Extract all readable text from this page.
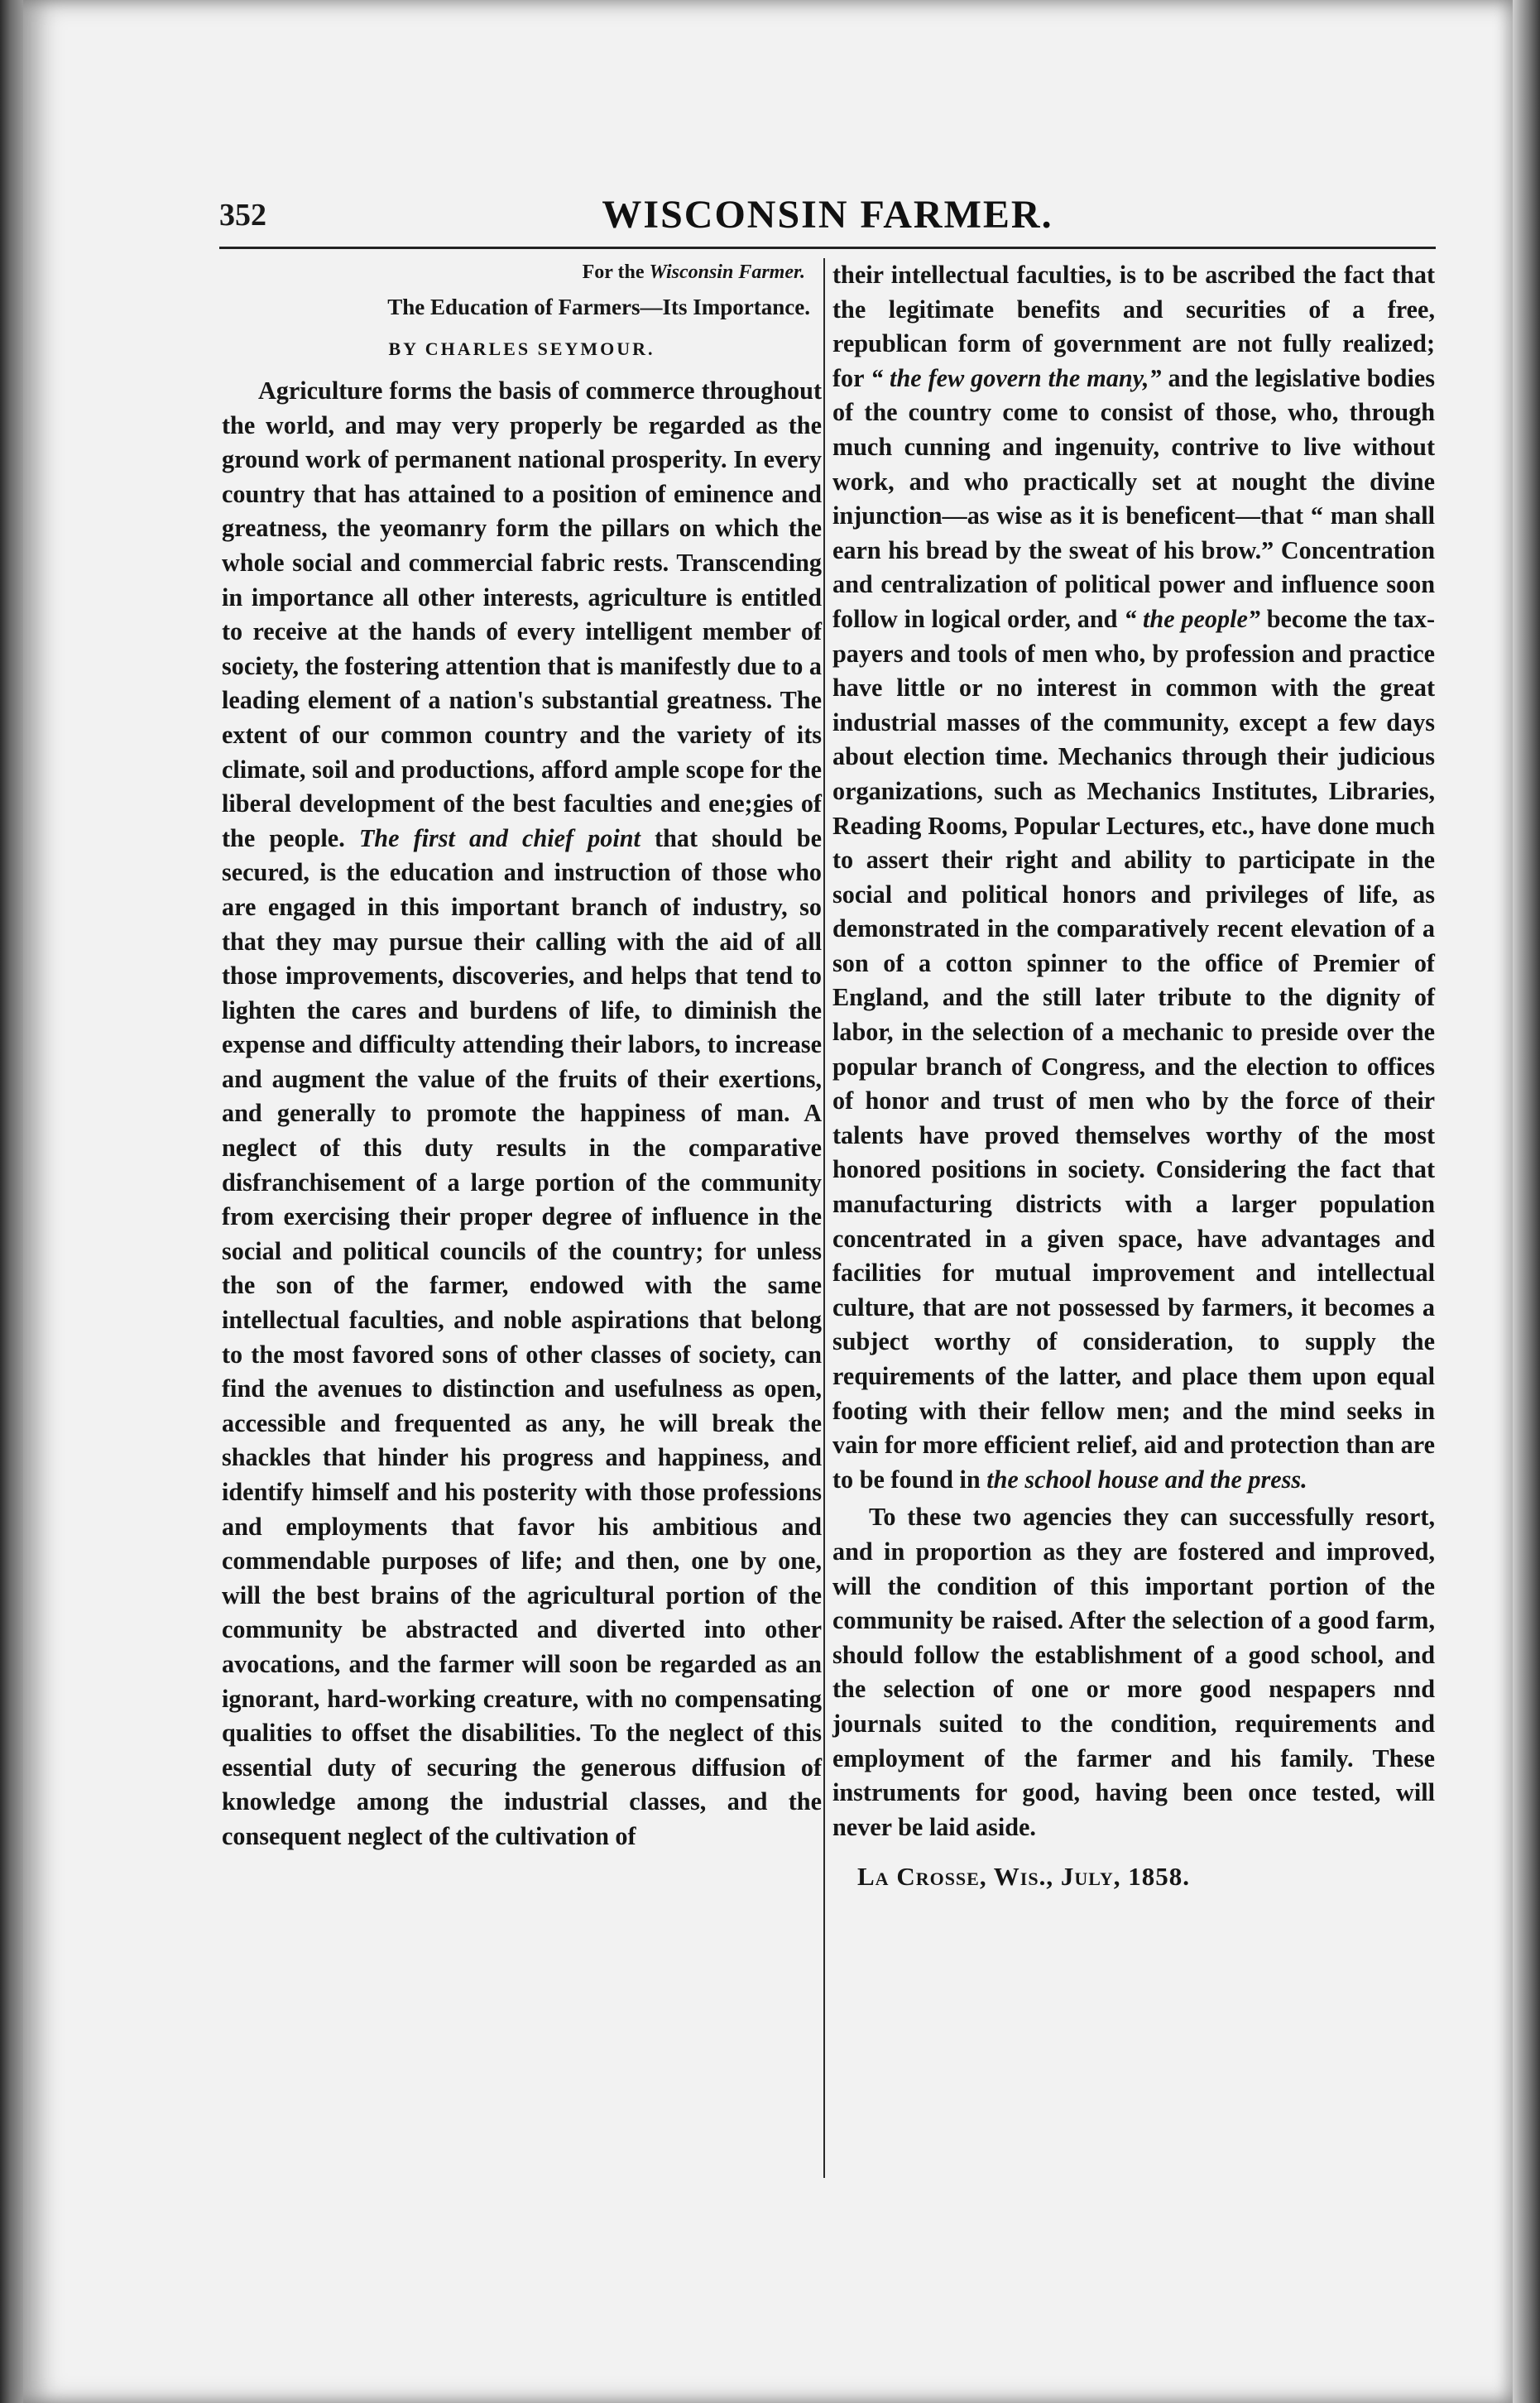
352	WISCONSIN FARMER.
For the Wisconsin Farmer.
The Education of Farmers—Its Importance.
BY CHARLES SEYMOUR.

Agriculture forms the basis of commerce throughout the world, and may very properly be regarded as the ground work of permanent national prosperity. In every country that has attained to a position of eminence and greatness, the yeomanry form the pillars on which the whole social and commercial fabric rests. Transcending in importance all other interests, agriculture is entitled to receive at the hands of every intelligent member of society, the fostering attention that is manifestly due to a leading element of a nation's substantial greatness. The extent of our common country and the variety of its climate, soil and productions, afford ample scope for the liberal development of the best faculties and ene;gies of the people. The first and chief point that should be secured, is the education and instruction of those who are engaged in this important branch of industry, so that they may pursue their calling with the aid of all those improvements, discoveries, and helps that tend to lighten the cares and burdens of life, to diminish the expense and difficulty attending their labors, to increase and augment the value of the fruits of their exertions, and generally to promote the happiness of man. A neglect of this duty results in the comparative disfranchisement of a large portion of the community from exercising their proper degree of influence in the social and political councils of the country; for unless the son of the farmer, endowed with the same intellectual faculties, and noble aspirations that belong to the most favored sons of other classes of society, can find the avenues to distinction and usefulness as open, accessible and frequented as any, he will break the shackles that hinder his progress and happiness, and identify himself and his posterity with those professions and employments that favor his ambitious and commendable purposes of life; and then, one by one, will the best brains of the agricultural portion of the community be abstracted and diverted into other avocations, and the farmer will soon be regarded as an ignorant, hard-working creature, with no compensating qualities to offset the disabilities. To the neglect of this essential duty of securing the generous diffusion of knowledge among the industrial classes, and the consequent neglect of the cultivation of

their intellectual faculties, is to be ascribed the fact that the legitimate benefits and securities of a free, republican form of government are not fully realized; for “ the few govern the many,” and the legislative bodies of the country come to consist of those, who, through much cunning and ingenuity, contrive to live without work, and who practically set at nought the divine injunction—as wise as it is beneficent—that “ man shall earn his bread by the sweat of his brow.” Concentration and centralization of political power and influence soon follow in logical order, and “ the people” become the tax-payers and tools of men who, by profession and practice have little or no interest in common with the great industrial masses of the community, except a few days about election time. Mechanics through their judicious organizations, such as Mechanics Institutes, Libraries, Reading Rooms, Popular Lectures, etc., have done much to assert their right and ability to participate in the social and political honors and privileges of life, as demonstrated in the comparatively recent elevation of a son of a cotton spinner to the office of Premier of England, and the still later tribute to the dignity of labor, in the selection of a mechanic to preside over the popular branch of Congress, and the election to offices of honor and trust of men who by the force of their talents have proved themselves worthy of the most honored positions in society. Considering the fact that manufacturing districts with a larger population concentrated in a given space, have advantages and facilities for mutual improvement and intellectual culture, that are not possessed by farmers, it becomes a subject worthy of consideration, to supply the requirements of the latter, and place them upon equal footing with their fellow men; and the mind seeks in vain for more efficient relief, aid and protection than are to be found in the school house and the press.

To these two agencies they can successfully resort, and in proportion as they are fostered and improved, will the condition of this important portion of the community be raised. After the selection of a good farm, should follow the establishment of a good school, and the selection of one or more good nespapers nnd journals suited to the condition, requirements and employment of the farmer and his family. These instruments for good, having been once tested, will never be laid aside.

La Crosse, Wis., July, 1858.
